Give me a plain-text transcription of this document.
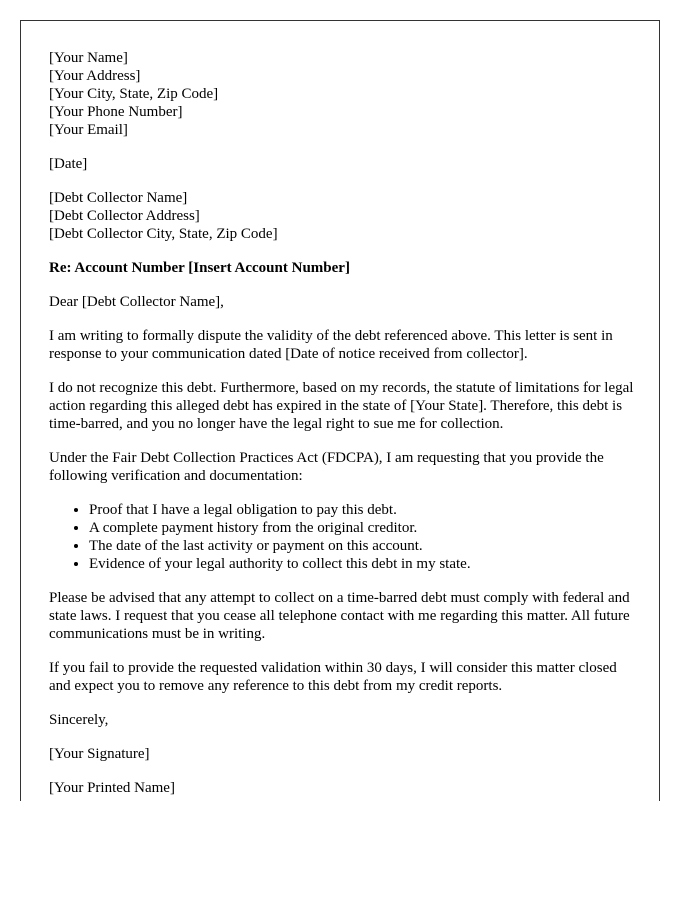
[Your Name]
[Your Address]
[Your City, State, Zip Code]
[Your Phone Number]
[Your Email]
[Date]
[Debt Collector Name]
[Debt Collector Address]
[Debt Collector City, State, Zip Code]

Re: Account Number [Insert Account Number]

Dear [Debt Collector Name],

I am writing to formally dispute the validity of the debt referenced above. This letter is sent in response to your communication dated [Date of notice received from collector].

I do not recognize this debt. Furthermore, based on my records, the statute of limitations for legal action regarding this alleged debt has expired in the state of [Your State]. Therefore, this debt is time-barred, and you no longer have the legal right to sue me for collection.

Under the Fair Debt Collection Practices Act (FDCPA), I am requesting that you provide the following verification and documentation:

• Proof that I have a legal obligation to pay this debt.
• A complete payment history from the original creditor.
• The date of the last activity or payment on this account.
• Evidence of your legal authority to collect this debt in my state.

Please be advised that any attempt to collect on a time-barred debt must comply with federal and state laws. I request that you cease all telephone contact with me regarding this matter. All future communications must be in writing.

If you fail to provide the requested validation within 30 days, I will consider this matter closed and expect you to remove any reference to this debt from my credit reports.

Sincerely,

[Your Signature]

[Your Printed Name]
